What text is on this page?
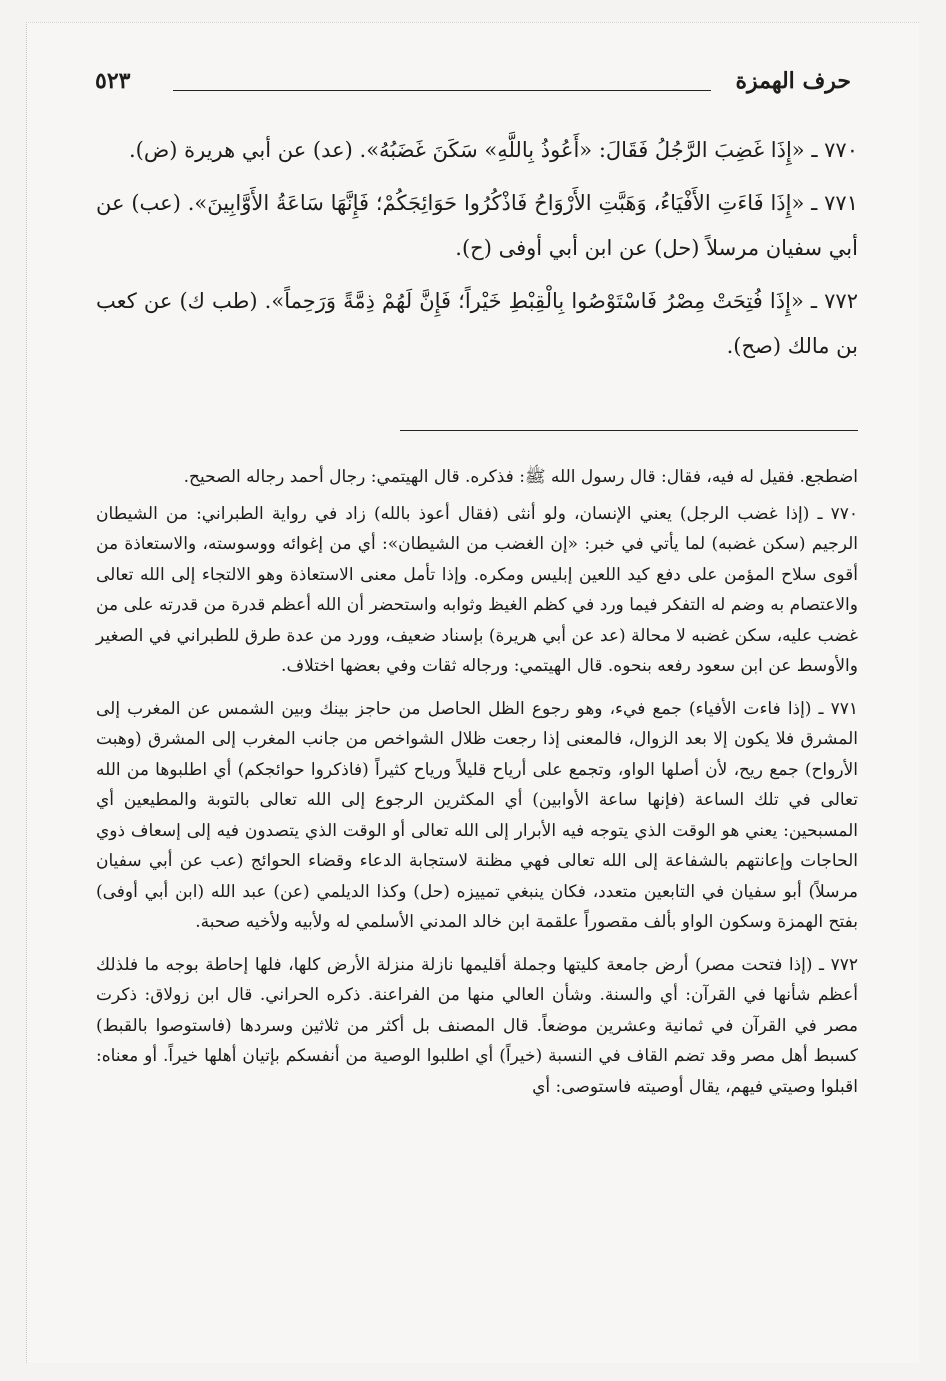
حرف الهمزة
٥٢٣

٧٧٠ ـ «إِذَا غَضِبَ الرَّجُلُ فَقَالَ: «أَعُوذُ بِاللَّهِ» سَكَنَ غَضَبُهُ». (عد) عن أبي هريرة (ض).

٧٧١ ـ «إِذَا فَاءَتِ الأَفْيَاءُ، وَهَبَّتِ الأَرْوَاحُ فَاذْكُرُوا حَوَائِجَكُمْ؛ فَإِنَّهَا سَاعَةُ الأَوَّابِينَ». (عب) عن أبي سفيان مرسلاً (حل) عن ابن أبي أوفى (ح).

٧٧٢ ـ «إِذَا فُتِحَتْ مِصْرُ فَاسْتَوْصُوا بِالْقِبْطِ خَيْراً؛ فَإِنَّ لَهُمْ ذِمَّةً وَرَحِماً». (طب ك) عن كعب بن مالك (صح).

اضطجع. فقيل له فيه، فقال: قال رسول الله ﷺ: فذكره. قال الهيتمي: رجال أحمد رجاله الصحيح.

٧٧٠ ـ (إذا غضب الرجل) يعني الإنسان، ولو أنثى (فقال أعوذ بالله) زاد في رواية الطبراني: من الشيطان الرجيم (سكن غضبه) لما يأتي في خبر: «إن الغضب من الشيطان»: أي من إغوائه ووسوسته، والاستعاذة من أقوى سلاح المؤمن على دفع كيد اللعين إبليس ومكره. وإذا تأمل معنى الاستعاذة وهو الالتجاء إلى الله تعالى والاعتصام به وضم له التفكر فيما ورد في كظم الغيظ وثوابه واستحضر أن الله أعظم قدرة من قدرته على من غضب عليه، سكن غضبه لا محالة (عد عن أبي هريرة) بإسناد ضعيف، وورد من عدة طرق للطبراني في الصغير والأوسط عن ابن سعود رفعه بنحوه. قال الهيتمي: ورجاله ثقات وفي بعضها اختلاف.

٧٧١ ـ (إذا فاءت الأفياء) جمع فيء، وهو رجوع الظل الحاصل من حاجز بينك وبين الشمس عن المغرب إلى المشرق فلا يكون إلا بعد الزوال، فالمعنى إذا رجعت ظلال الشواخص من جانب المغرب إلى المشرق (وهبت الأرواح) جمع ريح، لأن أصلها الواو، وتجمع على أرياح قليلاً ورياح كثيراً (فاذكروا حوائجكم) أي اطلبوها من الله تعالى في تلك الساعة (فإنها ساعة الأوابين) أي المكثرين الرجوع إلى الله تعالى بالتوبة والمطيعين أي المسبحين: يعني هو الوقت الذي يتوجه فيه الأبرار إلى الله تعالى أو الوقت الذي يتصدون فيه إلى إسعاف ذوي الحاجات وإعانتهم بالشفاعة إلى الله تعالى فهي مظنة لاستجابة الدعاء وقضاء الحوائج (عب عن أبي سفيان مرسلاً) أبو سفيان في التابعين متعدد، فكان ينبغي تمييزه (حل) وكذا الديلمي (عن) عبد الله (ابن أبي أوفى) بفتح الهمزة وسكون الواو بألف مقصوراً علقمة ابن خالد المدني الأسلمي له ولأبيه ولأخيه صحبة.

٧٧٢ ـ (إذا فتحت مصر) أرض جامعة كليتها وجملة أقليمها نازلة منزلة الأرض كلها، فلها إحاطة بوجه ما فلذلك أعظم شأنها في القرآن: أي والسنة. وشأن العالي منها من الفراعنة. ذكره الحراني. قال ابن زولاق: ذكرت مصر في القرآن في ثمانية وعشرين موضعاً. قال المصنف بل أكثر من ثلاثين وسردها (فاستوصوا بالقبط) كسبط أهل مصر وقد تضم القاف في النسبة (خيراً) أي اطلبوا الوصية من أنفسكم بإتيان أهلها خيراً. أو معناه: اقبلوا وصيتي فيهم، يقال أوصيته فاستوصى: أي
